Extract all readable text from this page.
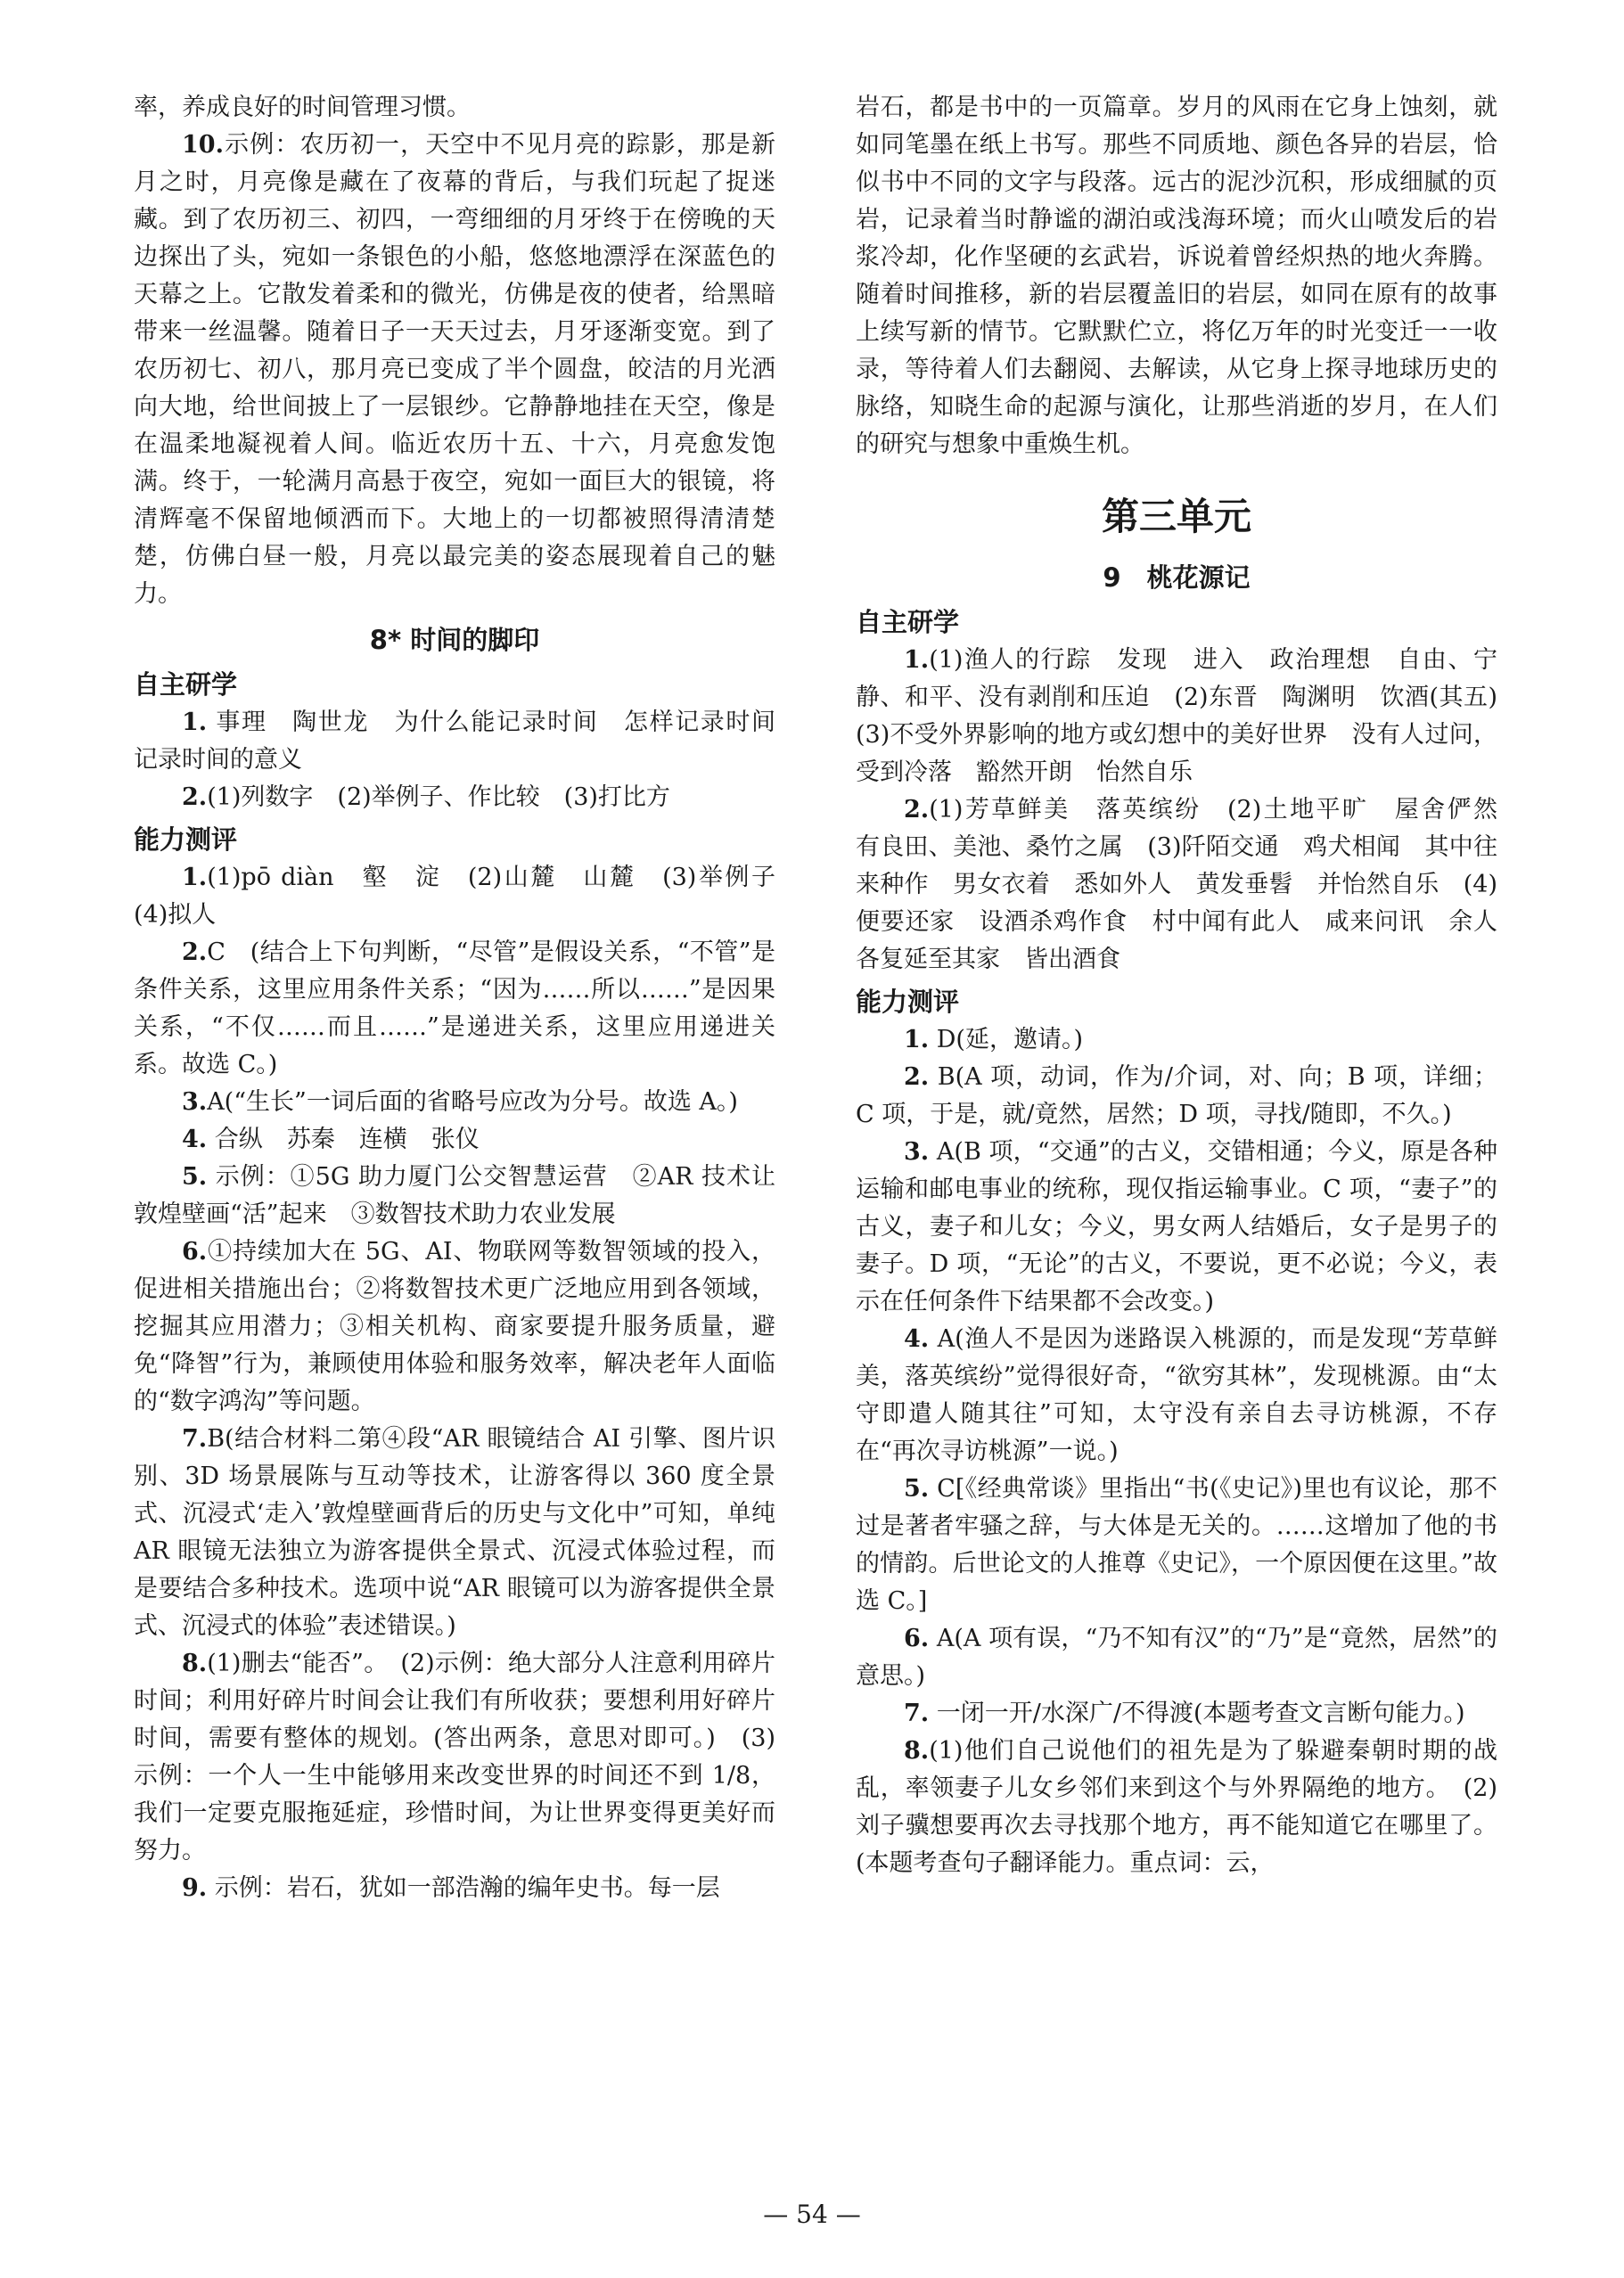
率，养成良好的时间管理习惯。

10.示例：农历初一，天空中不见月亮的踪影，那是新月之时，月亮像是藏在了夜幕的背后，与我们玩起了捉迷藏。到了农历初三、初四，一弯细细的月牙终于在傍晚的天边探出了头，宛如一条银色的小船，悠悠地漂浮在深蓝色的天幕之上。它散发着柔和的微光，仿佛是夜的使者，给黑暗带来一丝温馨。随着日子一天天过去，月牙逐渐变宽。到了农历初七、初八，那月亮已变成了半个圆盘，皎洁的月光洒向大地，给世间披上了一层银纱。它静静地挂在天空，像是在温柔地凝视着人间。临近农历十五、十六，月亮愈发饱满。终于，一轮满月高悬于夜空，宛如一面巨大的银镜，将清辉毫不保留地倾洒而下。大地上的一切都被照得清清楚楚，仿佛白昼一般，月亮以最完美的姿态展现着自己的魅力。

8* 时间的脚印
自主研学

1. 事理　陶世龙　为什么能记录时间　怎样记录时间　记录时间的意义

2.(1)列数字　(2)举例子、作比较　(3)打比方

能力测评

1.(1)pō diàn　壑　淀　(2)山麓　山麓　(3)举例子　(4)拟人

2.C　(结合上下句判断，“尽管”是假设关系，“不管”是条件关系，这里应用条件关系；“因为……所以……”是因果关系，“不仅……而且……”是递进关系，这里应用递进关系。故选 C。)

3.A(“生长”一词后面的省略号应改为分号。故选 A。)

4. 合纵　苏秦　连横　张仪

5. 示例：①5G 助力厦门公交智慧运营　②AR 技术让敦煌壁画“活”起来　③数智技术助力农业发展

6.①持续加大在 5G、AI、物联网等数智领域的投入，促进相关措施出台；②将数智技术更广泛地应用到各领域，挖掘其应用潜力；③相关机构、商家要提升服务质量，避免“降智”行为，兼顾使用体验和服务效率，解决老年人面临的“数字鸿沟”等问题。

7.B(结合材料二第④段“AR 眼镜结合 AI 引擎、图片识别、3D 场景展陈与互动等技术，让游客得以 360 度全景式、沉浸式‘走入’敦煌壁画背后的历史与文化中”可知，单纯 AR 眼镜无法独立为游客提供全景式、沉浸式体验过程，而是要结合多种技术。选项中说“AR 眼镜可以为游客提供全景式、沉浸式的体验”表述错误。)

8.(1)删去“能否”。　(2)示例：绝大部分人注意利用碎片时间；利用好碎片时间会让我们有所收获；要想利用好碎片时间，需要有整体的规划。(答出两条，意思对即可。)　(3)示例：一个人一生中能够用来改变世界的时间还不到 1/8，我们一定要克服拖延症，珍惜时间，为让世界变得更美好而努力。

9. 示例：岩石，犹如一部浩瀚的编年史书。每一层

岩石，都是书中的一页篇章。岁月的风雨在它身上蚀刻，就如同笔墨在纸上书写。那些不同质地、颜色各异的岩层，恰似书中不同的文字与段落。远古的泥沙沉积，形成细腻的页岩，记录着当时静谧的湖泊或浅海环境；而火山喷发后的岩浆冷却，化作坚硬的玄武岩，诉说着曾经炽热的地火奔腾。随着时间推移，新的岩层覆盖旧的岩层，如同在原有的故事上续写新的情节。它默默伫立，将亿万年的时光变迁一一收录，等待着人们去翻阅、去解读，从它身上探寻地球历史的脉络，知晓生命的起源与演化，让那些消逝的岁月，在人们的研究与想象中重焕生机。

第三单元
9　桃花源记
自主研学

1.(1)渔人的行踪　发现　进入　政治理想　自由、宁静、和平、没有剥削和压迫　(2)东晋　陶渊明　饮酒(其五)　(3)不受外界影响的地方或幻想中的美好世界　没有人过问，受到冷落　豁然开朗　怡然自乐

2.(1)芳草鲜美　落英缤纷　(2)土地平旷　屋舍俨然　有良田、美池、桑竹之属　(3)阡陌交通　鸡犬相闻　其中往来种作　男女衣着　悉如外人　黄发垂髫　并怡然自乐　(4)便要还家　设酒杀鸡作食　村中闻有此人　咸来问讯　余人各复延至其家　皆出酒食

能力测评

1. D(延，邀请。)

2. B(A 项，动词，作为/介词，对、向；B 项，详细；C 项，于是，就/竟然，居然；D 项，寻找/随即，不久。)

3. A(B 项，“交通”的古义，交错相通；今义，原是各种运输和邮电事业的统称，现仅指运输事业。C 项，“妻子”的古义，妻子和儿女；今义，男女两人结婚后，女子是男子的妻子。D 项，“无论”的古义，不要说，更不必说；今义，表示在任何条件下结果都不会改变。)

4. A(渔人不是因为迷路误入桃源的，而是发现“芳草鲜美，落英缤纷”觉得很好奇，“欲穷其林”，发现桃源。由“太守即遣人随其往”可知，太守没有亲自去寻访桃源，不存在“再次寻访桃源”一说。)

5. C[《经典常谈》里指出“书(《史记》)里也有议论，那不过是著者牢骚之辞，与大体是无关的。……这增加了他的书的情韵。后世论文的人推尊《史记》，一个原因便在这里。”故选 C。]

6. A(A 项有误，“乃不知有汉”的“乃”是“竟然，居然”的意思。)

7. 一闭一开/水深广/不得渡(本题考查文言断句能力。)

8.(1)他们自己说他们的祖先是为了躲避秦朝时期的战乱，率领妻子儿女乡邻们来到这个与外界隔绝的地方。　(2)刘子骥想要再次去寻找那个地方，再不能知道它在哪里了。(本题考查句子翻译能力。重点词：云，

— 54 —
